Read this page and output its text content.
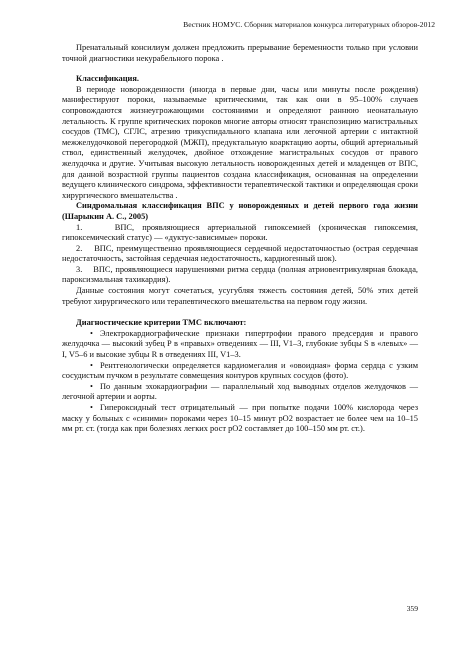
Вестник НОМУС. Сборник материалов конкурса литературных обзоров-2012

Пренатальный консилиум должен предложить прерывание беременности только при условии точной диагностики некурабельного порока .

Классификация.

В периоде новорожденности (иногда в первые дни, часы или минуты после рождения) манифестируют пороки, называемые критическими, так как они в 95–100% случаев сопровождаются жизнеугрожающими состояниями и определяют раннюю неонатальную летальность. К группе критических пороков многие авторы относят транспозицию магистральных сосудов (ТМС), СГЛС, атрезию трикуспидального клапана или легочной артерии с интактной межжелудочковой перегородкой (МЖП), предуктальную коарктацию аорты, общий артериальный ствол, единственный желудочек, двойное отхождение магистральных сосудов от правого желудочка и другие. Учитывая высокую летальность новорожденных детей и младенцев от ВПС, для данной возрастной группы пациентов создана классификация, основанная на определении ведущего клинического синдрома, эффективности терапевтической тактики и определяющая сроки хирургического вмешательства .

Синдромальная классификация ВПС у новорожденных и детей первого года жизни (Шарыкин А. С., 2005)

1.	ВПС, проявляющиеся артериальной гипоксемией (хроническая гипоксемия, гипоксемический статус) — «дуктус-зависимые» пороки.

2. ВПС, преимущественно проявляющиеся сердечной недостаточностью (острая сердечная недостаточность, застойная сердечная недостаточность, кардиогенный шок).

3. ВПС, проявляющиеся нарушениями ритма сердца (полная атриовентрикулярная блокада, пароксизмальная тахикардия).

Данные состояния могут сочетаться, усугубляя тяжесть состояния детей, 50% этих детей требуют хирургического или терапевтического вмешательства на первом году жизни.

Диагностические критерии ТМС включают:

• Электрокардиографические признаки гипертрофии правого предсердия и правого желудочка — высокий зубец Р в «правых» отведениях — III, V1–3, глубокие зубцы S в «левых» — I, V5–6 и высокие зубцы R в отведениях III, V1–3.

• Рентгенологически определяется кардиомегалия и «овоидная» форма сердца с узким сосудистым пучком в результате совмещения контуров крупных сосудов (фото).

• По данным эхокардиографии — параллельный ход выводных отделов желудочков — легочной артерии и аорты.

• Гипероксидный тест отрицательный — при попытке подачи 100% кислорода через маску у больных с «синими» пороками через 10–15 минут рО2 возрастает не более чем на 10–15 мм рт. ст. (тогда как при болезнях легких рост рО2 составляет до 100–150 мм рт. ст.).

359
